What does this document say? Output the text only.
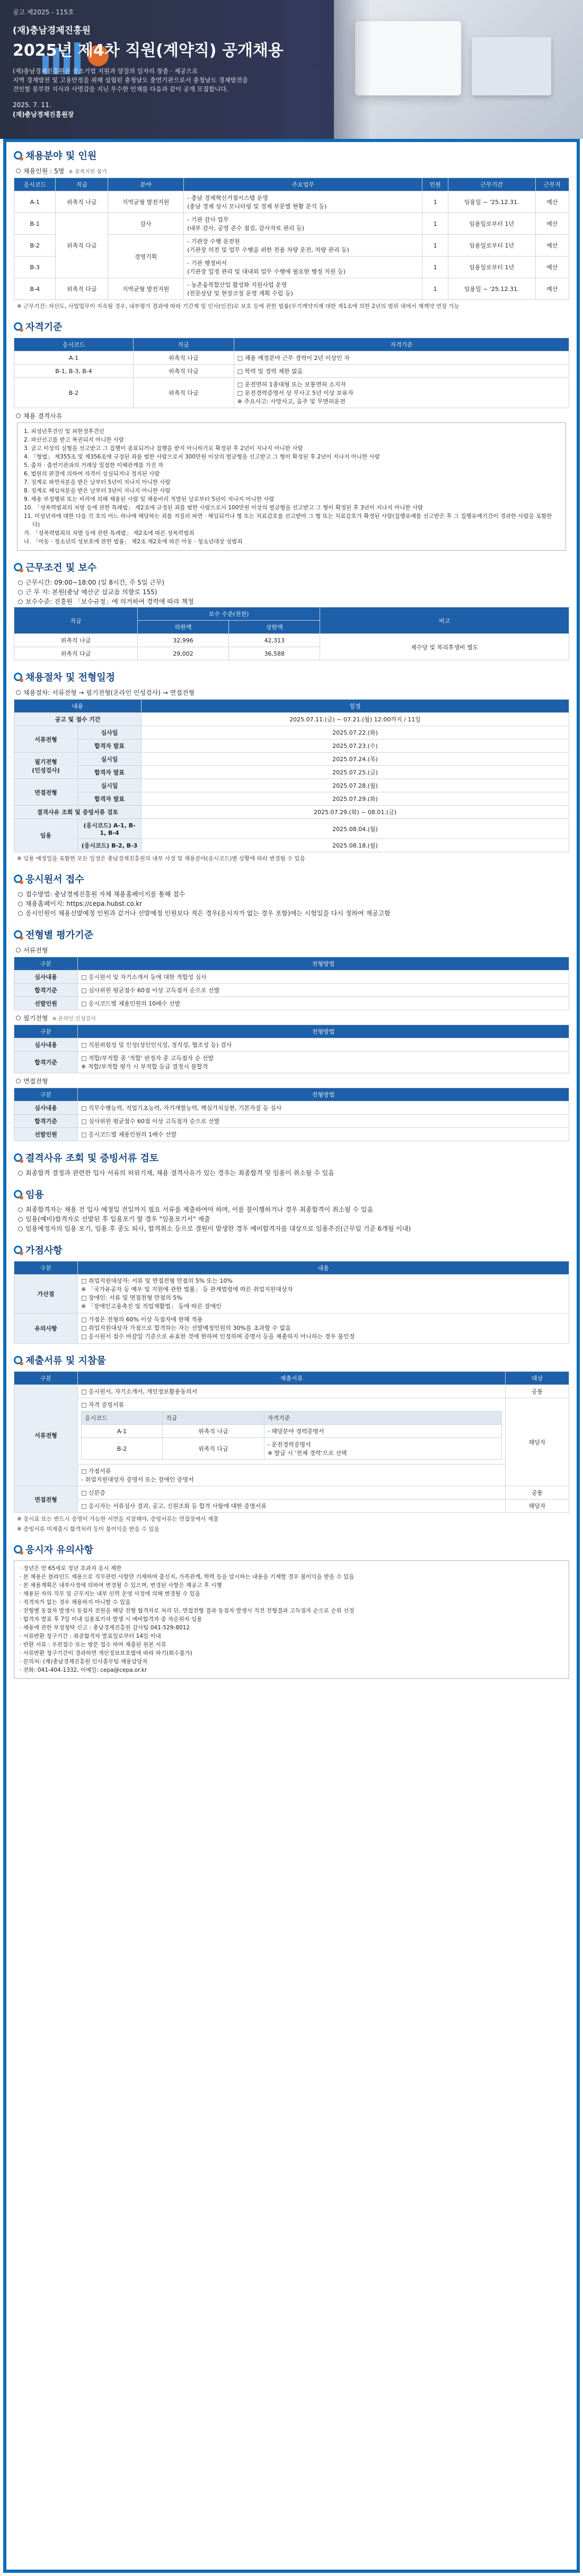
공고 제2025 - 115호
(재)충남경제진흥원
2025년 제4차 직원(계약직) 공개채용
(재)충남경제진흥원은 중소기업 지원과 양질의 일자리 창출 · 제공으로
지역 경제발전 및 고용안정을 위해 설립된 충청남도 출연기관으로서 충청남도 경제발전을
견인할 풍부한 지식과 사명감을 지닌 우수한 인재를 다음과 같이 공개 모집합니다.
2025. 7. 11.
(재)충남경제진흥원장
채용분야 및 인원
채용인원 : 5명 ※ 중복지원 불가
응시코드	직급	분야	주요업무	인원	근무기간	근무지
A-1	위촉직 나급	지역균형 발전지원	- 충남 경제혁신거점시스템 운영
(충남 경제 상시 모니터링 및 경제 부문별 현황 분석 등)	1	임용일 ~ '25.12.31.	예산
B-1	위촉직 다급	감사	- 기관 감사 업무
(내부 감사, 공영 준수 점검, 감사자료 관리 등)	1	임용일로부터 1년	예산
B-2		경영기획	- 기관장 수행 운전원
(기관장 의전 및 업무 수행을 위한 전용 차량 운전, 차량 관리 등)	1	임용일로부터 1년	예산
B-3			- 기관 행정비서
(기관장 일정 관리 및 대내외 업무 수행에 필요한 행정 지원 등)	1	임용일로부터 1년	예산
B-4	위촉직 다급	지역균형 발전지원	- 농촌융복합산업 활성화 지원사업 운영
(전문상담 및 현장코칭 운영 계획 수립 등)	1	임용일 ~ '25.12.31.	예산
※ 근무기간: 자산도, 사업업무이 지속될 경우, 내부평가 결과에 따라 기간제 및 인사(인건)로 보호 등에 관한 법률(무기계약지재 대한 제1조에 의한 2년의 범위 내에서 재계약 연장 가능
자격기준
응시코드	직급	자격기준
A-1	위촉직 나급	□ 채용 예정분야 근무 경력이 2년 이상인 자
B-1, B-3, B-4	위촉직 다급	□ 학력 및 경력 제한 없음
B-2	위촉직 다급	□ 운전면허 1종대형 또는 보통면허 소지자
□ 운전경력증명서 상 무사고 5년 이상 보유자
※ 주요사고: 사망사고, 음주 및 무면허운전
채용 결격사유
1. 피성년후견인 및 피한정후견인
2. 파산선고를 받고 복권되지 아니한 사람
3. 금고 이상의 실형을 선고받고 그 집행이 종료되거나 집행을 받지 아니하기로 확정된 후 2년이 지나지 아니한 사람
4. 「형법」 제355조 및 제356조에 규정된 죄를 범한 사람으로서 300만원 이상의 벌금형을 선고받고 그 형이 확정된 후 2년이 지나지 아니한 사람
5. 출자 · 출연기관과의 거래상 밀접한 이해관계를 가진 자
6. 법원의 판결에 의하여 자격이 상실되거나 정지된 사람
7. 징계로 파면처분을 받은 날부터 5년이 지나지 아니한 사람
8. 징계로 해임처분을 받은 날부터 3년이 지나지 아니한 사람
9. 채용 부정행위 또는 비리에 의해 채용된 사람 및 채용비리 적발된 날로부터 5년이 지나지 아니한 사람
10. 「성폭력범죄의 처벌 등에 관한 특례법」 제2조에 규정된 죄를 범한 사람으로서 100만원 이상의 벌금형을 선고받고 그 형이 확정된 후 3년이 지나지 아니한 사람
11. 미성년자에 대한 다음 각 호의 어느 하나에 해당하는 죄를 저질러 파면 · 해임되거나 형 또는 치료감호를 선고받아 그 형 또는 치료감호가 확정된 사람(집행유예를 선고받은 후 그 집행유예기간이 경과한 사람을 포함한다)
가. 「성폭력범죄의 처벌 등에 관한 특례법」 제2조에 따른 성폭력범죄
나. 「아동 · 청소년의 성보호에 관한 법률」 제2조 제2호에 따른 아동 · 청소년대상 성범죄
근무조건 및 보수
근무시간: 09:00~18:00 (일 8시간, 주 5일 근무)
근 무 지: 본원(충남 예산군 삽교읍 의향로 155)
보수수준: 진흥원 「보수규정」에 의거하여 경력에 따라 책정
직급	보수 수준(천원)		비고
	하한액	상한액	
위촉직 나급	32,996	42,313	제수당 및 복리후생비 별도
위촉직 다급	29,002	36,588	
채용절차 및 전형일정
채용절차: 서류전형 → 필기전형(온라인 인성검사) → 면접전형
내용		일정
공고 및 접수 기간		2025.07.11.(금) ~ 07.21.(월) 12:00까지 / 11일
서류전형	심사일	2025.07.22.(화)
	합격자 발표	2025.07.23.(수)
필기전형
(인성검사)	실시일	2025.07.24.(목)
	합격자 발표	2025.07.25.(금)
면접전형	실시일	2025.07.28.(월)
	합격자 발표	2025.07.29.(화)
결격사유 조회 및 증빙서류 검토		2025.07.29.(화) ~ 08.01.(금)
임용	(응시코드) A-1, B-1, B-4	2025.08.04.(월)
	(응시코드) B-2, B-3	2025.08.18.(월)
※ 임용 예정일을 포함한 모든 일정은 충남경제진흥원의 내부 사정 및 채용분야(응시코드)별 상황에 따라 변경될 수 있음
응시원서 접수
접수방법: 충남경제진흥원 자체 채용홈페이지를 통해 접수
채용홈페이지: https://cepa.hubst.co.kr
응시인원이 채용선발예정 인원과 같거나 선발예정 인원보다 적은 경우(응시자가 없는 경우 포함)에는 시험일을 다시 정하여 재공고함
전형별 평가기준
서류전형
구분	전형방법
심사내용	□ 응시원서 및 자기소개서 등에 대한 적합성 심사
합격기준	□ 심사위원 평균점수 60점 이상 고득점자 순으로 선발
선발인원	□ 응시코드별 채용인원의 10배수 선발
필기전형 ※ 온라인 인성검사
구분	전형방법
심사내용	□ 직원위험성 및 인성(성인인식성, 정직성, 협조성 등) 검사
합격기준	□ 적합/부적합 중 '적합' 판정자 중 고득점자 순 선발
※ 적합/부적합 평가 시 부적합 등급 결정시 불합격
면접전형
구분	전형방법
심사내용	□ 직무수행능력, 직업기초능력, 자기개발능력, 핵심가치실현, 기본자질 등 심사
합격기준	□ 심사위원 평균점수 60점 이상 고득점자 순으로 선발
선발인원	□ 응시코드별 채용인원의 1배수 선발
결격사유 조회 및 증빙서류 검토
최종합격 결정과 관련한 입사 서류의 허위기재, 채용 결격사유가 있는 경우는 최종합격 및 임용이 취소될 수 있음
임용
최종합격자는 채용 전 입사 예정일 전일까지 필요 서류를 제출하여야 하며, 이를 불이행하거나 경우 최종합격이 취소될 수 있음
임용(예비)합격자로 선발된 후 입용포기 할 경우 "임용포기서" 제출
임용예정자의 임용 포기, 임용 후 중도 퇴사, 합격취소 등으로 결원이 발생한 경우 예비합격자를 대상으로 임용추진(근무일 기준 6개월 이내)
가점사항
구분	내용
가산점	□ 취업지원대상자: 서류 및 면접전형 만점의 5% 또는 10%
※ 「국가유공자 등 예우 및 지원에 관한 법률」 등 관계법령에 따른 취업지원대상자
□ 장애인: 서류 및 면접전형 만점의 5%
※ 「장애인고용촉진 및 직업재활법」 등에 따른 장애인
유의사항	□ 가점은 전형의 60% 이상 득점자에 한해 적용
□ 취업지원대상자 가점으로 합격하는 자는 선발예정인원의 30%를 초과할 수 없음
□ 응시원서 접수 마감일 기준으로 유효한 것에 한하며 인정하며 증명서 등을 제출하지 아니하는 경우 불인정
제출서류 및 지참물
구분	제출서류	대상
서류전형	□ 응시원서, 자기소개서, 개인정보활용동의서	공통

□ 자격 증빙서류
응시코드	직급	자격기준
A-1	위촉직 나급	- 해당분야 경력증명서
B-2	위촉직 다급	- 운전경력증명서
※ 발급 시 '전체 경력'으로 선택
	해당자

□ 가점서류
- 취업지원대상자 증명서 또는 장애인 증명서

면접전형	□ 신분증	공통
□ 응시자는 서류심사 결과, 공고, 신원조회 등 합격 사항에 대한 증명서류	해당자
※ 응시표 또는 반드시 증명이 가능한 서면을 지참해야, 증빙서류는 면접장에서 제출
※ 증빙서류 미제출시 합격처리 등이 불이익을 받을 수 있음
응시자 유의사항
· 정년은 만 65세로 정년 초과자 응시 제한
· 본 채용은 블라인드 채용으로 직무관련 사항만 기재하며 출신지, 가족관계, 학력 등을 암시하는 내용을 기재할 경우 불이익을 받을 수 있음
· 본 채용계획은 내부사정에 의하여 변경될 수 있으며, 변경된 사항은 재공고 후 시행
· 채용된 자의 직무 및 근무지는 내부 인력 운영 사정에 의해 변경될 수 있음
· 적격자가 없는 경우 채용하지 아니할 수 있음
· 전형별 동점자 발생시 동점자 전원을 해당 전형 합격자로 처리 단, 면접전형 결과 동점자 발생시 직전 전형결과 고득점자 순으로 순위 선정
· 합격자 발표 후 7일 이내 임용포기자 발생 시 예비합격자 중 차순위자 임용
· 채용에 관한 부정청탁 신고 : 충남경제진흥원 감사팀 041-529-8012
· 서류반환 청구기간 : 최종합격자 발표일로부터 14일 이내
· 반환 서류 : 우편접수 또는 방문 접수 하여 제출된 원본 서류
· 서류반환 청구기간이 경과하면 개인정보보호법에 따라 파기(회수불가)
· 문의처: (재)충남경제진흥원 인사총무팀 채용담당자
· 전화: 041-404-1332, 이메일: cepa@cepa.or.kr
